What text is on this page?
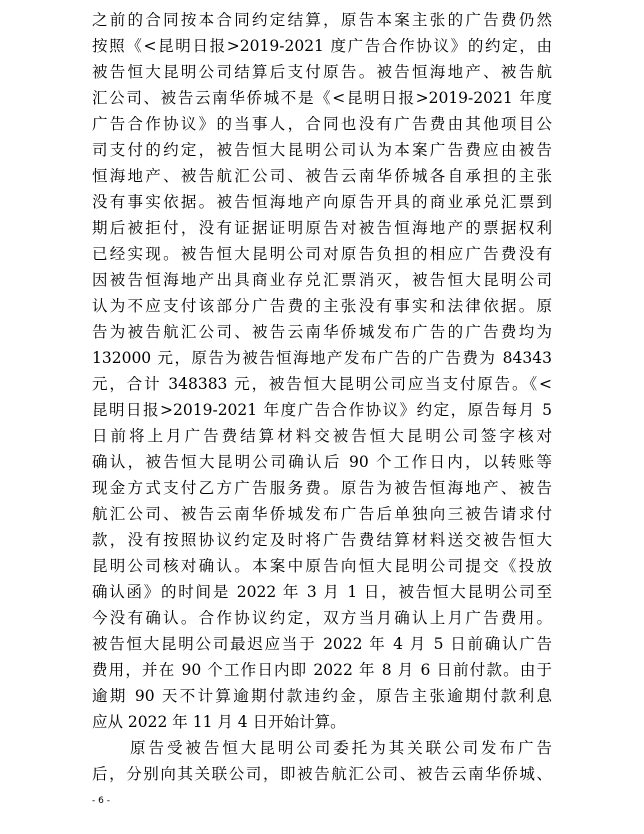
之前的合同按本合同约定结算，原告本案主张的广告费仍然
按照《<昆明日报>2019-2021 度广告合作协议》的约定，由
被告恒大昆明公司结算后支付原告。被告恒海地产、被告航
汇公司、被告云南华侨城不是《<昆明日报>2019-2021 年度
广告合作协议》的当事人，合同也没有广告费由其他项目公
司支付的约定，被告恒大昆明公司认为本案广告费应由被告
恒海地产、被告航汇公司、被告云南华侨城各自承担的主张
没有事实依据。被告恒海地产向原告开具的商业承兑汇票到
期后被拒付，没有证据证明原告对被告恒海地产的票据权利
已经实现。被告恒大昆明公司对原告负担的相应广告费没有
因被告恒海地产出具商业存兑汇票消灭，被告恒大昆明公司
认为不应支付该部分广告费的主张没有事实和法律依据。原
告为被告航汇公司、被告云南华侨城发布广告的广告费均为
132000 元，原告为被告恒海地产发布广告的广告费为 84343
元，合计 348383 元，被告恒大昆明公司应当支付原告。《<
昆明日报>2019-2021 年度广告合作协议》约定，原告每月 5
日前将上月广告费结算材料交被告恒大昆明公司签字核对
确认，被告恒大昆明公司确认后 90 个工作日内，以转账等
现金方式支付乙方广告服务费。原告为被告恒海地产、被告
航汇公司、被告云南华侨城发布广告后单独向三被告请求付
款，没有按照协议约定及时将广告费结算材料送交被告恒大
昆明公司核对确认。本案中原告向恒大昆明公司提交《投放
确认函》的时间是 2022 年 3 月 1 日，被告恒大昆明公司至
今没有确认。合作协议约定，双方当月确认上月广告费用。
被告恒大昆明公司最迟应当于 2022 年 4 月 5 日前确认广告
费用，并在 90 个工作日内即 2022 年 8 月 6 日前付款。由于
逾期 90 天不计算逾期付款违约金，原告主张逾期付款利息
应从 2022 年 11 月 4 日开始计算。
原告受被告恒大昆明公司委托为其关联公司发布广告
后，分别向其关联公司，即被告航汇公司、被告云南华侨城、
- 6 -
